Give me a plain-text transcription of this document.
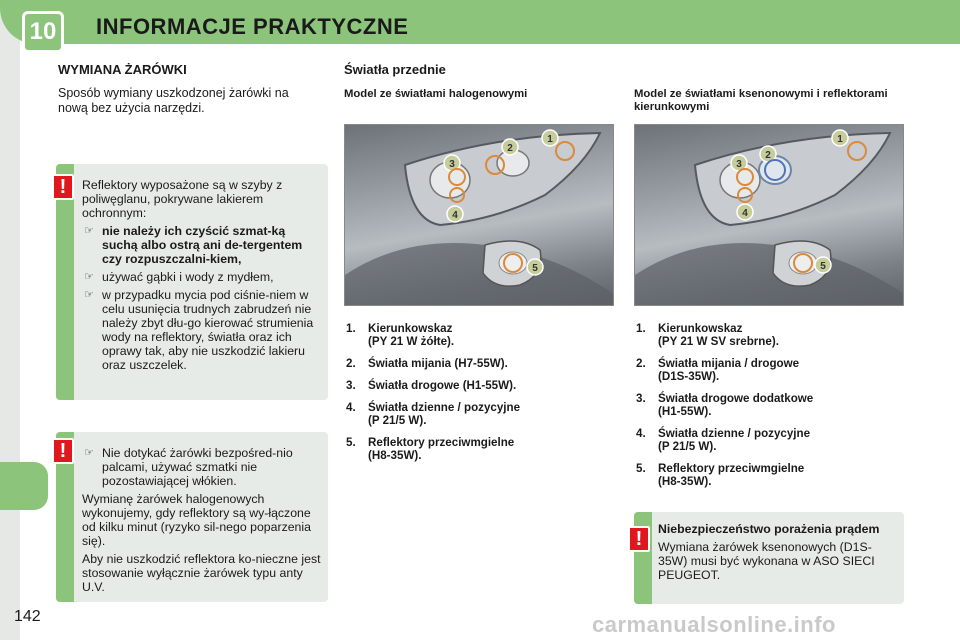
10	INFORMACJE PRAKTYCZNE
WYMIANA ŻARÓWKI
Sposób wymiany uszkodzonej żarówki na nową bez użycia narzędzi.

Reflektory wyposażone są w szyby z poliwęglanu, pokrywane lakierem ochronnym:

☞ nie należy ich czyścić szmat-ką suchą albo ostrą ani de-tergentem czy rozpuszczalni-kiem,
☞ używać gąbki i wody z mydłem,
☞ w przypadku mycia pod ciśnie-niem w celu usunięcia trudnych zabrudzeń nie należy zbyt dłu-go kierować strumienia wody na reflektory, światła oraz ich oprawy tak, aby nie uszkodzić lakieru oraz uszczelek.
!
☞ Nie dotykać żarówki bezpośred-nio palcami, używać szmatki nie pozostawiającej włókien.

Wymianę żarówek halogenowych wykonujemy, gdy reflektory są wy-łączone od kilku minut (ryzyko sil-nego poparzenia się).

Aby nie uszkodzić reflektora ko-nieczne jest stosowanie wyłącznie żarówek typu anty U.V.

!
Światła przednie
Model ze światłami halogenowymi	Model ze światłami ksenonowymi i reflektorami kierunkowymi
1
2
3
4
5
1
2
3
4
5
1.	Kierunkowskaz
(PY 21 W żółte).
2.	Światła mijania (H7-55W).
3.	Światła drogowe (H1-55W).
4.	Światła dzienne / pozycyjne
(P 21/5 W).
5.	Reflektory przeciwmgielne
(H8-35W).
1.	Kierunkowskaz
(PY 21 W SV srebrne).
2.	Światła mijania / drogowe
(D1S-35W).
3.	Światła drogowe dodatkowe
(H1-55W).
4.	Światła dzienne / pozycyjne
(P 21/5 W).
5.	Reflektory przeciwmgielne
(H8-35W).

Niebezpieczeństwo porażenia prądem

Wymiana żarówek ksenonowych (D1S-35W) musi być wykonana w ASO SIECI PEUGEOT.

!
142	carmanualsonline.info
